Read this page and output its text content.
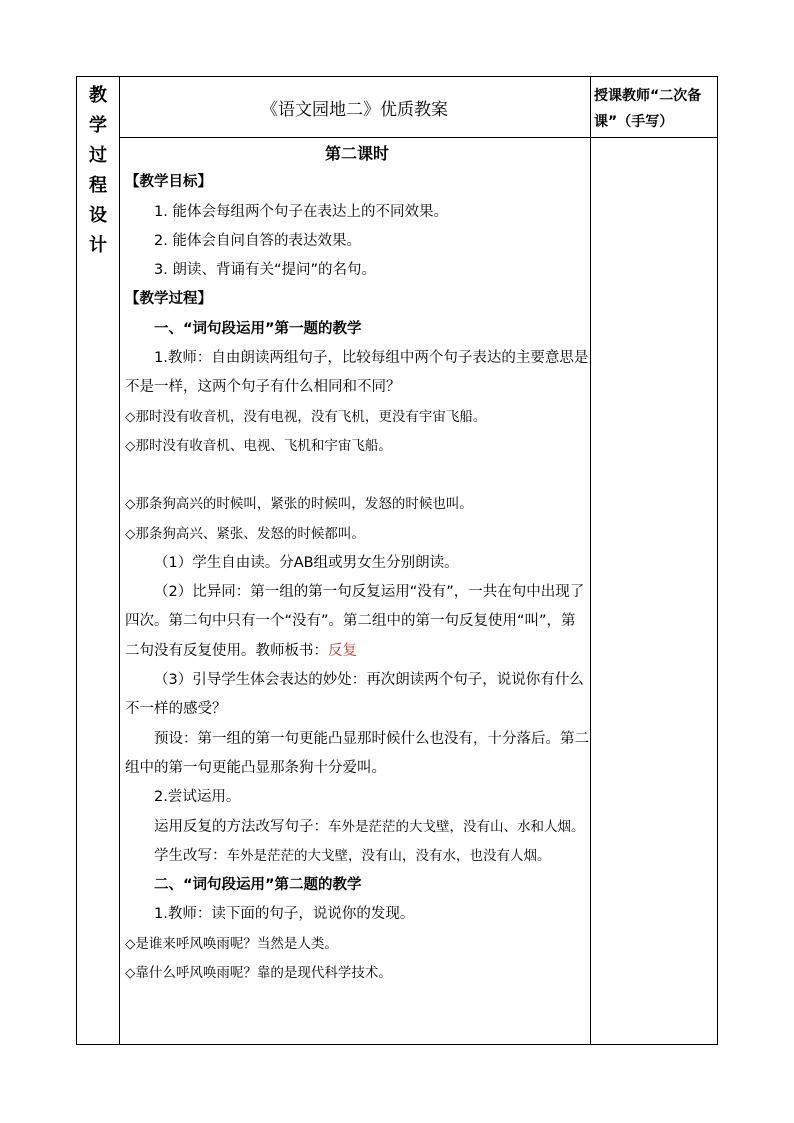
教
学
过
程
设
计
《语文园地二》优质教案
授课教师“二次备课”（手写）

第二课时

【教学目标】

1. 能体会每组两个句子在表达上的不同效果。

2. 能体会自问自答的表达效果。

3. 朗读、背诵有关“提问”的名句。

【教学过程】

一、“词句段运用”第一题的教学

1.教师：自由朗读两组句子，比较每组中两个句子表达的主要意思是不是一样，这两个句子有什么相同和不同？

◇那时没有收音机，没有电视，没有飞机，更没有宇宙飞船。

◇那时没有收音机、电视、飞机和宇宙飞船。

◇那条狗高兴的时候叫，紧张的时候叫，发怒的时候也叫。

◇那条狗高兴、紧张、发怒的时候都叫。

（1）学生自由读。分AB组或男女生分别朗读。

（2）比异同：第一组的第一句反复运用“没有”，一共在句中出现了四次。第二句中只有一个“没有”。第二组中的第一句反复使用“叫”，第二句没有反复使用。教师板书：反复

（3）引导学生体会表达的妙处：再次朗读两个句子，说说你有什么不一样的感受？

预设：第一组的第一句更能凸显那时候什么也没有，十分落后。第二组中的第一句更能凸显那条狗十分爱叫。

2.尝试运用。

运用反复的方法改写句子：车外是茫茫的大戈壁，没有山、水和人烟。

学生改写：车外是茫茫的大戈壁，没有山，没有水，也没有人烟。

二、“词句段运用”第二题的教学

1.教师：读下面的句子，说说你的发现。

◇是谁来呼风唤雨呢？当然是人类。

◇靠什么呼风唤雨呢？靠的是现代科学技术。
